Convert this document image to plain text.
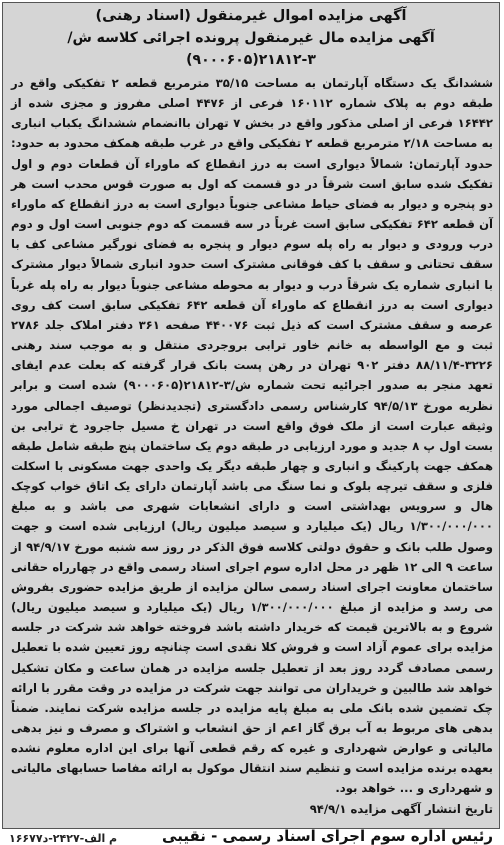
آگهی مزایده اموال غیرمنقول (اسناد رهنی)
آگهی مزایده مال غیرمنقول پرونده اجرائی کلاسه ش/۳-۲۱۸۱۲(۹۰۰۰۶۰۵)
ششدانگ یک دستگاه آپارتمان به مساحت ۳۵/۱۵ مترمربع قطعه ۲ تفکیکی واقع در طبقه دوم به پلاک شماره ۱۶۰۱۱۲ فرعی از ۴۴۷۶ اصلی مفروز و مجزی شده از ۱۶۴۴۲ فرعی از اصلی مذکور واقع در بخش ۷ تهران باانضمام ششدانگ یکباب انباری به مساحت ۲/۱۸ مترمربع قطعه ۲ تفکیکی واقع در غرب طبقه همکف محدود به حدود: حدود آپارتمان: شمالاً دیواری است به درز انقطاع که ماوراء آن قطعات دوم و اول تفکیک شده سابق است شرقاً در دو قسمت که اول به صورت قوس محدب است هر دو پنجره و دیوار به فضای حیاط مشاعی جنوباً دیواری است به درز انقطاع که ماوراء آن قطعه ۶۴۲ تفکیکی سابق است غرباً در سه قسمت که دوم جنوبی است اول و دوم درب ورودی و دیوار به راه پله سوم دیوار و پنجره به فضای نورگیر مشاعی کف با سقف تحتانی و سقف با کف فوقانی مشترک است حدود انباری شمالاً دیوار مشترک با انباری شماره یک شرقاً درب و دیوار به محوطه مشاعی جنوباً دیوار به راه پله غرباً دیواری است به درز انقطاع که ماوراء آن قطعه ۶۴۲ تفکیکی سابق است کف روی عرصه و سقف مشترک است که ذیل ثبت ۴۴۰۰۷۶ صفحه ۳۶۱ دفتر املاک جلد ۲۷۸۶ ثبت و مع الواسطه به خانم خاور ترابی بروجردی منتقل و به موجب سند رهنی ۳۲۲۶-۸۸/۱۱/۴ دفتر ۹۰۲ تهران در رهن پست بانک قرار گرفته که بعلت عدم ایفای تعهد منجر به صدور اجرائیه تحت شماره ش/۳-۲۱۸۱۲(۹۰۰۰۶۰۵) شده است و برابر نظریه مورخ ۹۴/۵/۱۳ کارشناس رسمی دادگستری (تجدیدنظر) توصیف اجمالی مورد وثیقه عبارت است از ملک فوق واقع است در تهران خ مسیل جاجرود خ ترابی بن بست اول پ ۸ جدید و مورد ارزیابی در طبقه دوم یک ساختمان پنج طبقه شامل طبقه همکف جهت پارکینگ و انباری و چهار طبقه دیگر یک واحدی جهت مسکونی با اسکلت فلزی و سقف تیرچه بلوک و نما سنگ می باشد آپارتمان دارای یک اتاق خواب کوچک هال و سرویس بهداشتی است و دارای انشعابات شهری می باشد و به مبلغ ۱/۳۰۰/۰۰۰/۰۰۰ ریال (یک میلیارد و سیصد میلیون ریال) ارزیابی شده است و جهت وصول طلب بانک و حقوق دولتی کلاسه فوق الذکر در روز سه شنبه مورخ ۹۴/۹/۱۷ از ساعت ۹ الی ۱۲ ظهر در محل اداره سوم اجرای اسناد رسمی واقع در چهارراه حقانی ساختمان معاونت اجرای اسناد رسمی سالن مزایده از طریق مزایده حضوری بفروش می رسد و مزایده از مبلغ ۱/۳۰۰/۰۰۰/۰۰۰ ریال (یک میلیارد و سیصد میلیون ریال) شروع و به بالاترین قیمت که خریدار داشته باشد فروخته خواهد شد شرکت در جلسه مزایده برای عموم آزاد است و فروش کلا نقدی است چنانچه روز تعیین شده با تعطیل رسمی مصادف گردد روز بعد از تعطیل جلسه مزایده در همان ساعت و مکان تشکیل خواهد شد طالبین و خریداران می توانند جهت شرکت در مزایده در وقت مقرر با ارائه چک تضمین شده بانک ملی به مبلغ پایه مزایده در جلسه مزایده شرکت نمایند. ضمناً بدهی های مربوط به آب برق گاز اعم از حق انشعاب و اشتراک و مصرف و نیز بدهی مالیاتی و عوارض شهرداری و غیره که رقم قطعی آنها برای این اداره معلوم نشده بعهده برنده مزایده است و تنظیم سند انتقال موکول به ارائه مفاصا حسابهای مالیاتی و شهرداری و ... خواهد بود.
تاریخ انتشار آگهی مزایده ۹۴/۹/۱
رئیس اداره سوم اجرای اسناد رسمی - نقیبی
۱۶۶۷۷م الف-۲۴۲۷-د
